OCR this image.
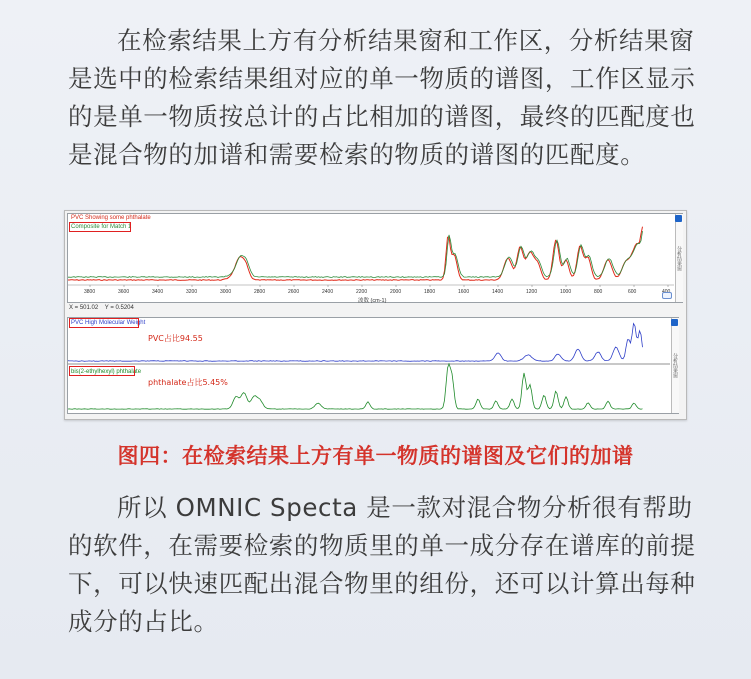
在检索结果上方有分析结果窗和工作区，分析结果窗
是选中的检索结果组对应的单一物质的谱图，工作区显示
的是单一物质按总计的占比相加的谱图，最终的匹配度也
是混合物的加谱和需要检索的物质的谱图的匹配度。
PVC Showing some phthalate
Composite for Match 1
3800	3600	3400	3200	3000	2800	2600	2400	2200	2000	1800	1600	1400	1200	1000	800	600
波数 (cm-1)
分析结果窗
X = 501.02 Y = 0.5204
PVC High Molecular Weight
PVC占比94.55
bis(2-ethylhexyl) phthalate
phthalate占比5.45%
分析结果窗
图四：在检索结果上方有单一物质的谱图及它们的加谱
所以 OMNIC Specta 是一款对混合物分析很有帮助
的软件，在需要检索的物质里的单一成分存在谱库的前提
下，可以快速匹配出混合物里的组份，还可以计算出每种
成分的占比。
